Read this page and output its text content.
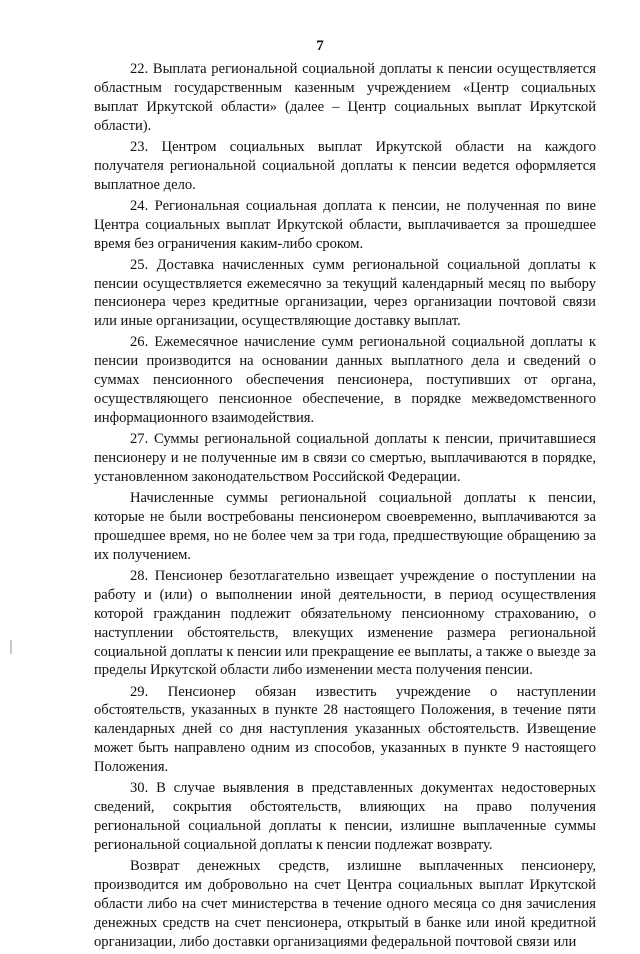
7

22. Выплата региональной социальной доплаты к пенсии осуществляется областным государственным казенным учреждением «Центр социальных выплат Иркутской области» (далее – Центр социальных выплат Иркутской области).

23. Центром социальных выплат Иркутской области на каждого получателя региональной социальной доплаты к пенсии ведется оформляется выплатное дело.

24. Региональная социальная доплата к пенсии, не полученная по вине Центра социальных выплат Иркутской области, выплачивается за прошедшее время без ограничения каким-либо сроком.

25. Доставка начисленных сумм региональной социальной доплаты к пенсии осуществляется ежемесячно за текущий календарный месяц по выбору пенсионера через кредитные организации, через организации почтовой связи или иные организации, осуществляющие доставку выплат.

26. Ежемесячное начисление сумм региональной социальной доплаты к пенсии производится на основании данных выплатного дела и сведений о суммах пенсионного обеспечения пенсионера, поступивших от органа, осуществляющего пенсионное обеспечение, в порядке межведомственного информационного взаимодействия.

27. Суммы региональной социальной доплаты к пенсии, причитавшиеся пенсионеру и не полученные им в связи со смертью, выплачиваются в порядке, установленном законодательством Российской Федерации.

Начисленные суммы региональной социальной доплаты к пенсии, которые не были востребованы пенсионером своевременно, выплачиваются за прошедшее время, но не более чем за три года, предшествующие обращению за их получением.

28. Пенсионер безотлагательно извещает учреждение о поступлении на работу и (или) о выполнении иной деятельности, в период осуществления которой гражданин подлежит обязательному пенсионному страхованию, о наступлении обстоятельств, влекущих изменение размера региональной социальной доплаты к пенсии или прекращение ее выплаты, а также о выезде за пределы Иркутской области либо изменении места получения пенсии.

29. Пенсионер обязан известить учреждение о наступлении обстоятельств, указанных в пункте 28 настоящего Положения, в течение пяти календарных дней со дня наступления указанных обстоятельств. Извещение может быть направлено одним из способов, указанных в пункте 9 настоящего Положения.

30. В случае выявления в представленных документах недостоверных сведений, сокрытия обстоятельств, влияющих на право получения региональной социальной доплаты к пенсии, излишне выплаченные суммы региональной социальной доплаты к пенсии подлежат возврату.

Возврат денежных средств, излишне выплаченных пенсионеру, производится им добровольно на счет Центра социальных выплат Иркутской области либо на счет министерства в течение одного месяца со дня зачисления денежных средств на счет пенсионера, открытый в банке или иной кредитной организации, либо доставки организациями федеральной почтовой связи или
